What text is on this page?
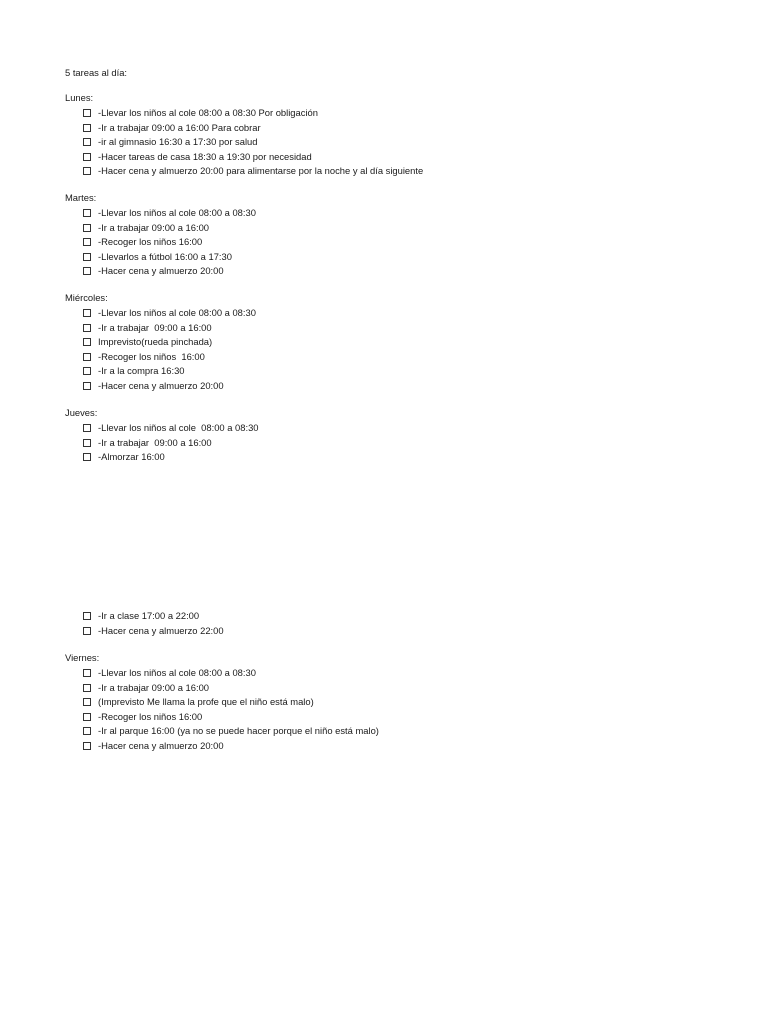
5 tareas al día:
Lunes:
-Llevar los niños al cole 08:00 a 08:30 Por obligación
-Ir a trabajar 09:00 a 16:00 Para cobrar
-ir al gimnasio 16:30 a 17:30 por salud
-Hacer tareas de casa 18:30 a 19:30 por necesidad
-Hacer cena y almuerzo 20:00 para alimentarse por la noche y al día siguiente
Martes:
-Llevar los niños al cole 08:00 a 08:30
-Ir a trabajar 09:00 a 16:00
-Recoger los niños 16:00
-Llevarlos a fútbol 16:00 a 17:30
-Hacer cena y almuerzo 20:00
Miércoles:
-Llevar los niños al cole 08:00 a 08:30
-Ir a trabajar  09:00 a 16:00
Imprevisto(rueda pinchada)
-Recoger los niños  16:00
-Ir a la compra 16:30
-Hacer cena y almuerzo 20:00
Jueves:
-Llevar los niños al cole  08:00 a 08:30
-Ir a trabajar  09:00 a 16:00
-Almorzar 16:00
-Ir a clase 17:00 a 22:00
-Hacer cena y almuerzo 22:00
Viernes:
-Llevar los niños al cole 08:00 a 08:30
-Ir a trabajar 09:00 a 16:00
(Imprevisto Me llama la profe que el niño está malo)
-Recoger los niños 16:00
-Ir al parque 16:00 (ya no se puede hacer porque el niño está malo)
-Hacer cena y almuerzo 20:00
